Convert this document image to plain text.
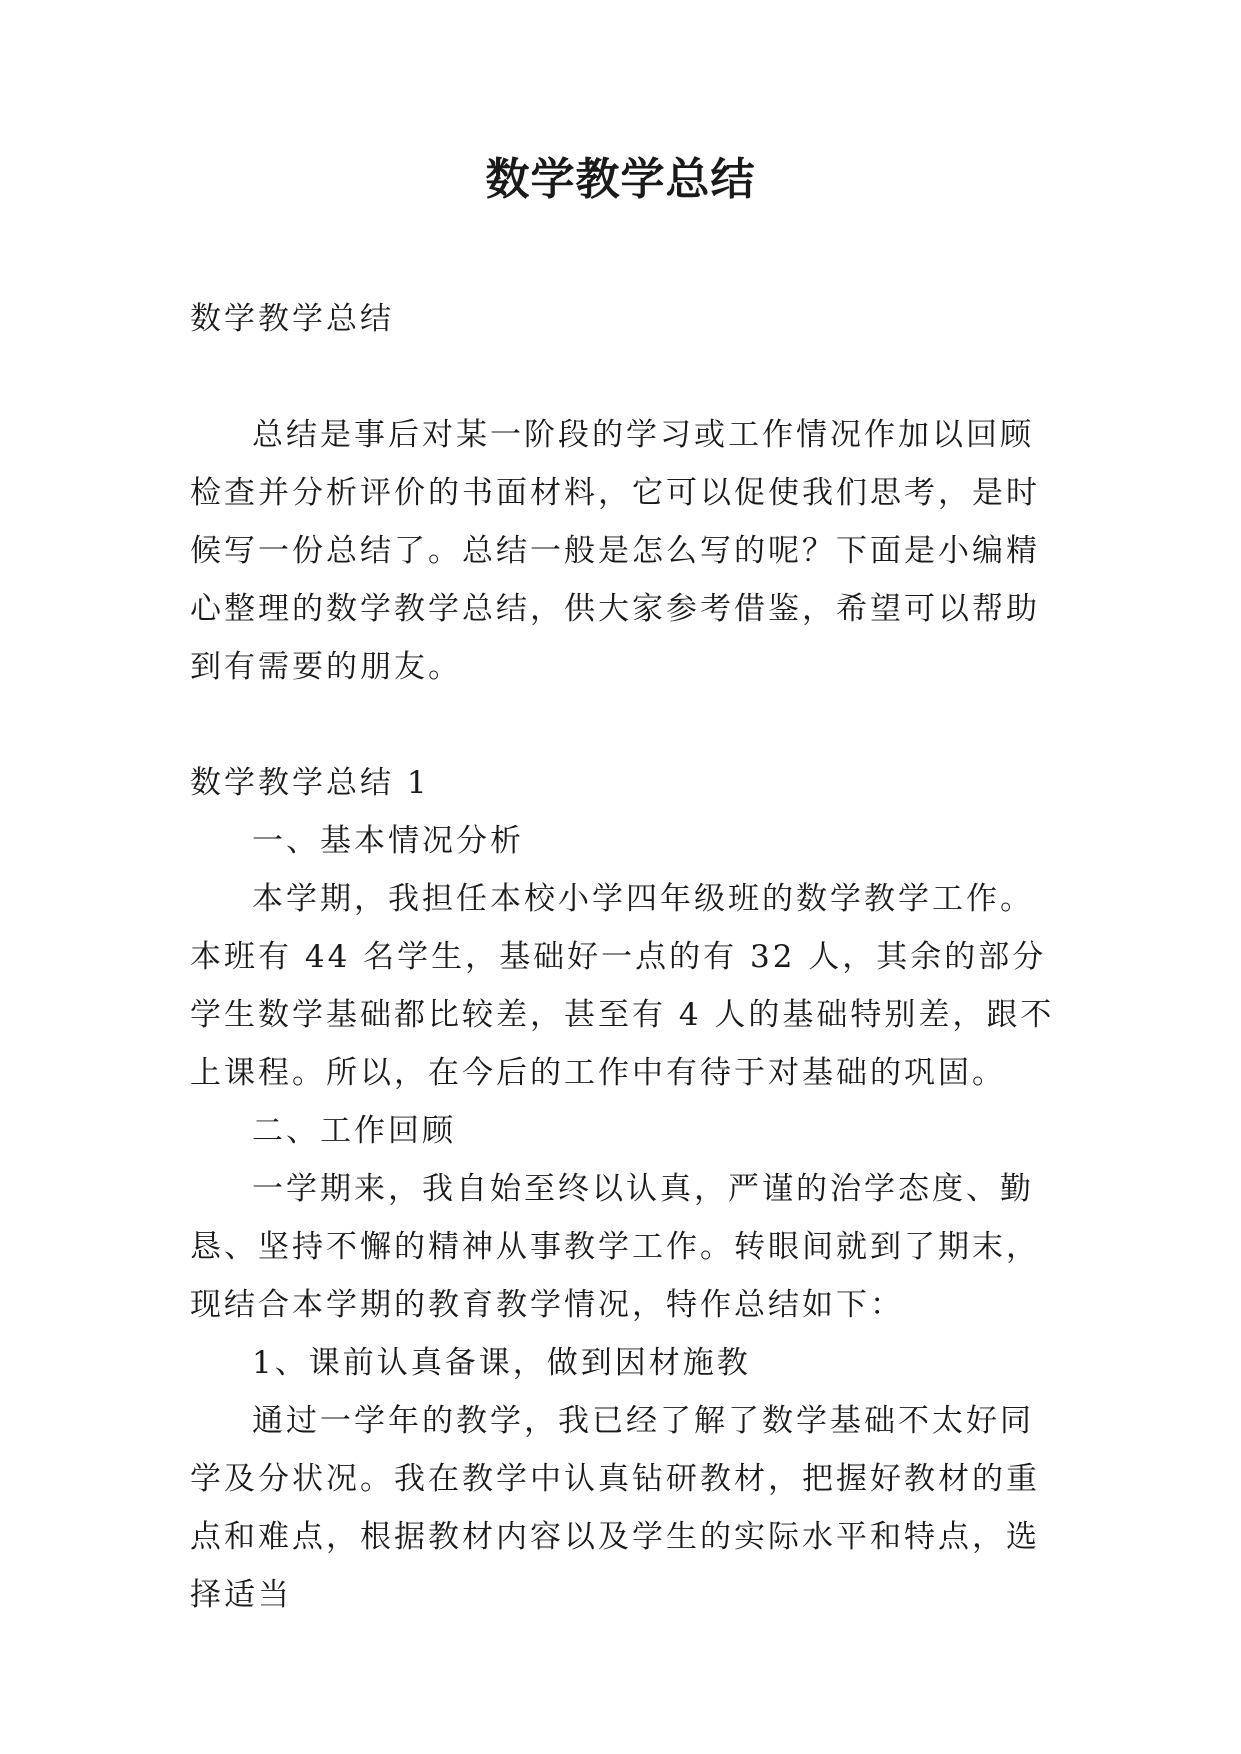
数学教学总结

数学教学总结

总结是事后对某一阶段的学习或工作情况作加以回顾检查并分析评价的书面材料，它可以促使我们思考，是时候写一份总结了。总结一般是怎么写的呢？下面是小编精心整理的数学教学总结，供大家参考借鉴，希望可以帮助到有需要的朋友。

数学教学总结 1

一、基本情况分析

本学期，我担任本校小学四年级班的数学教学工作。本班有 44 名学生，基础好一点的有 32 人，其余的部分学生数学基础都比较差，甚至有 4 人的基础特别差，跟不上课程。所以，在今后的工作中有待于对基础的巩固。

二、工作回顾

一学期来，我自始至终以认真，严谨的治学态度、勤恳、坚持不懈的精神从事教学工作。转眼间就到了期末，现结合本学期的教育教学情况，特作总结如下：

1、课前认真备课，做到因材施教

通过一学年的教学，我已经了解了数学基础不太好同学及分状况。我在教学中认真钻研教材，把握好教材的重点和难点，根据教材内容以及学生的实际水平和特点，选择适当
